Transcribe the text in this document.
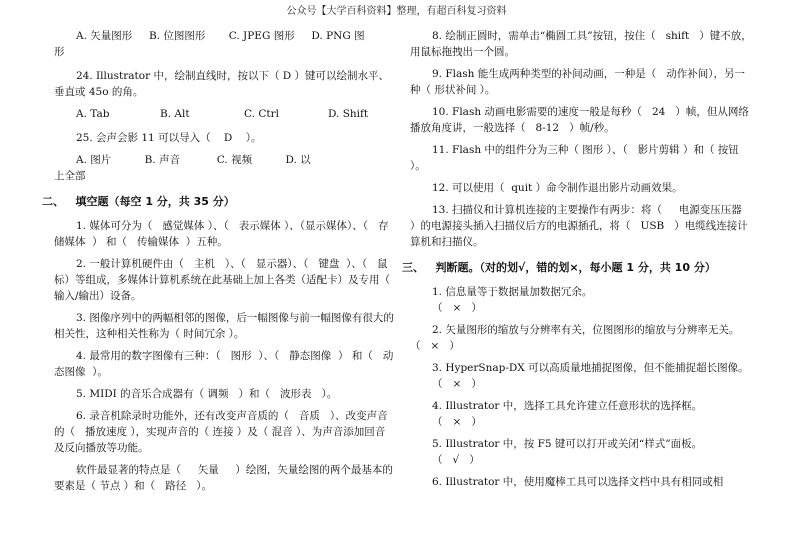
公众号【大学百科资料】整理，有超百科复习资料
A. 矢量图形     B. 位图图形       C. JPEG 图形     D. PNG 图
形
24. Illustrator 中，绘制直线时，按以下（ D ）键可以绘制水平、垂直或 45o 的角。
A. Tab	B. Alt	C. Ctrl	D. Shift
25. 会声会影 11 可以导入（    D    ）。
A. 图片          B. 声音           C. 视频          D. 以
上全部
二、   填空题（每空 1 分，共 35 分）
1. 媒体可分为（   感觉媒体 ）、（   表示媒体 ）、（显示媒体）、（   存储媒体  ） 和（   传输媒体  ）五种。
2. 一般计算机硬件由（   主机   ）、（   显示器）、（   键盘  ）、（   鼠标）等组成，多媒体计算机系统在此基础上加上各类（适配卡）及专用（   输入/输出）设备。
3. 图像序列中的两幅相邻的图像，后一幅图像与前一幅图像有很大的相关性，这种相关性称为（ 时间冗余 ）。
4. 最常用的数字图像有三种：（   图形  ）、（   静态图像  ） 和（   动态图像  ）。
5. MIDI 的音乐合成器有（ 调频   ）和（   波形表   ）。
6. 录音机除录时功能外，还有改变声音质的（   音质   ）、改变声音的（   播放速度 ），实现声音的（ 连接 ）及（ 混音 ）、为声音添加回音及反向播放等功能。
软件最显著的特点是（     矢量     ）绘图，矢量绘图的两个最基本的要素是（ 节点 ）和（   路径   ）。
8. 绘制正圆时，需单击“椭圆工具”按钮，按住（   shift   ）键不放，用鼠标拖拽出一个圆。
9. Flash 能生成两种类型的补间动画，一种是（   动作补间），另一种（ 形状补间 ）。
10. Flash 动画电影需要的速度一般是每秒（   24   ）帧，但从网络播放角度讲，一般选择（   8-12   ）帧/秒。
11. Flash 中的组件分为三种（ 图形 ）、（   影片剪辑 ）和（ 按钮 ）。
12. 可以使用（  quit ）命令制作退出影片动画效果。
13. 扫描仪和计算机连接的主要操作有两步：将（     电源变压压器     ）的电源接头插入扫描仪后方的电源插孔，将（   USB   ）电缆线连接计算机和扫描仪。
三、   判断题。（对的划√，错的划×，每小题 1 分，共 10 分）
1. 信息量等于数据量加数据冗余。
（   ×   ）
2. 矢量图形的缩放与分辨率有关，位图图形的缩放与分辨率无关。       （   ×   ）
3. HyperSnap-DX 可以高质量地捕捉图像，但不能捕捉超长图像。
（   ×   ）
4. Illustrator 中，选择工具允许建立任意形状的选择框。
（   ×   ）
5. Illustrator 中，按 F5 键可以打开或关闭“样式”面板。
（   √   ）
6. Illustrator 中，使用魔棒工具可以选择文档中具有相同或相
